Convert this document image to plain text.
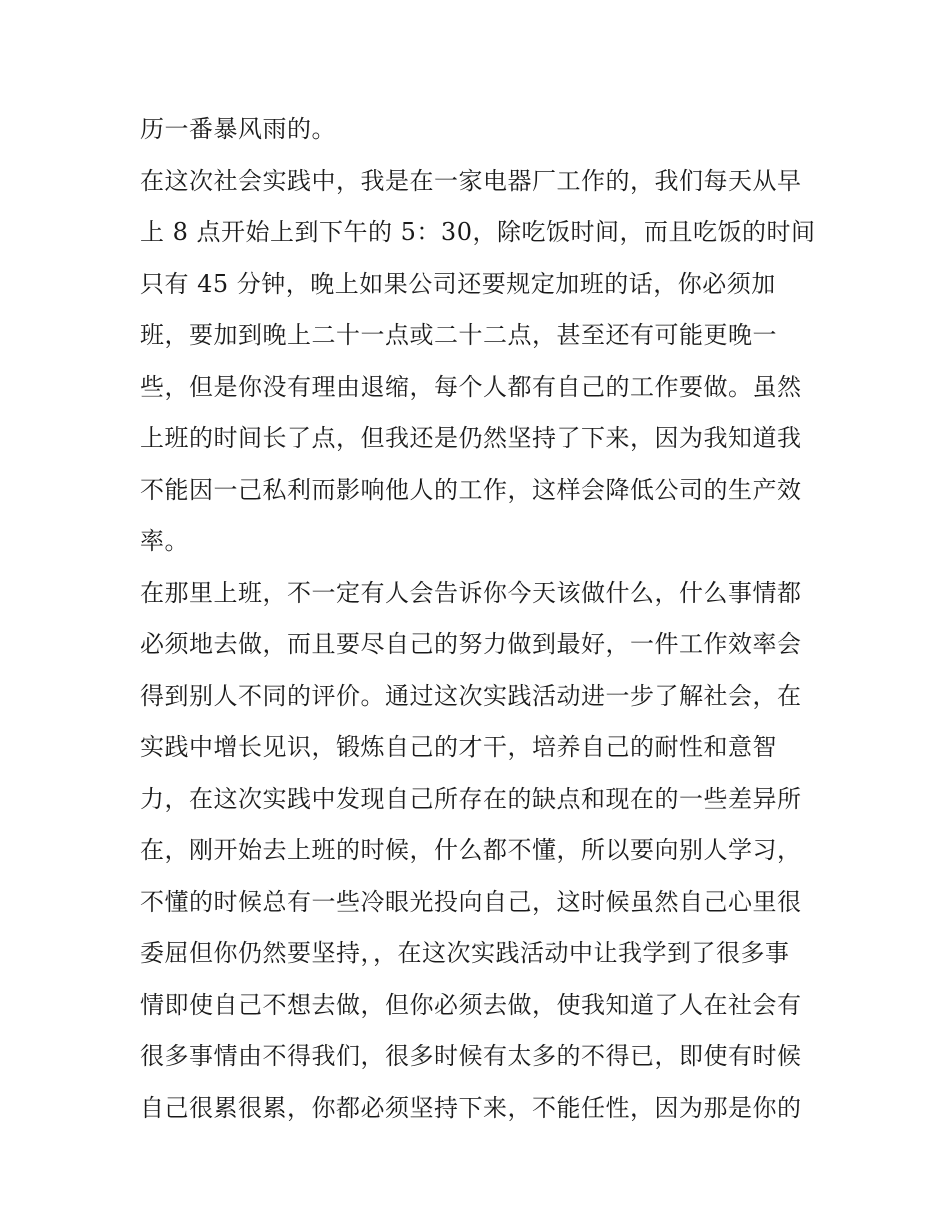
历一番暴风雨的。
在这次社会实践中，我是在一家电器厂工作的，我们每天从早
上 8 点开始上到下午的 5：30，除吃饭时间，而且吃饭的时间
只有 45 分钟，晚上如果公司还要规定加班的话，你必须加
班，要加到晚上二十一点或二十二点，甚至还有可能更晚一
些，但是你没有理由退缩，每个人都有自己的工作要做。虽然
上班的时间长了点，但我还是仍然坚持了下来，因为我知道我
不能因一己私利而影响他人的工作，这样会降低公司的生产效
率。
在那里上班，不一定有人会告诉你今天该做什么，什么事情都
必须地去做，而且要尽自己的努力做到最好，一件工作效率会
得到别人不同的评价。通过这次实践活动进一步了解社会，在
实践中增长见识，锻炼自己的才干，培养自己的耐性和意智
力，在这次实践中发现自己所存在的缺点和现在的一些差异所
在，刚开始去上班的时候，什么都不懂，所以要向别人学习，
不懂的时候总有一些冷眼光投向自己，这时候虽然自己心里很
委屈但你仍然要坚持，，在这次实践活动中让我学到了很多事
情即使自己不想去做，但你必须去做，使我知道了人在社会有
很多事情由不得我们，很多时候有太多的不得已，即使有时候
自己很累很累，你都必须坚持下来，不能任性，因为那是你的
